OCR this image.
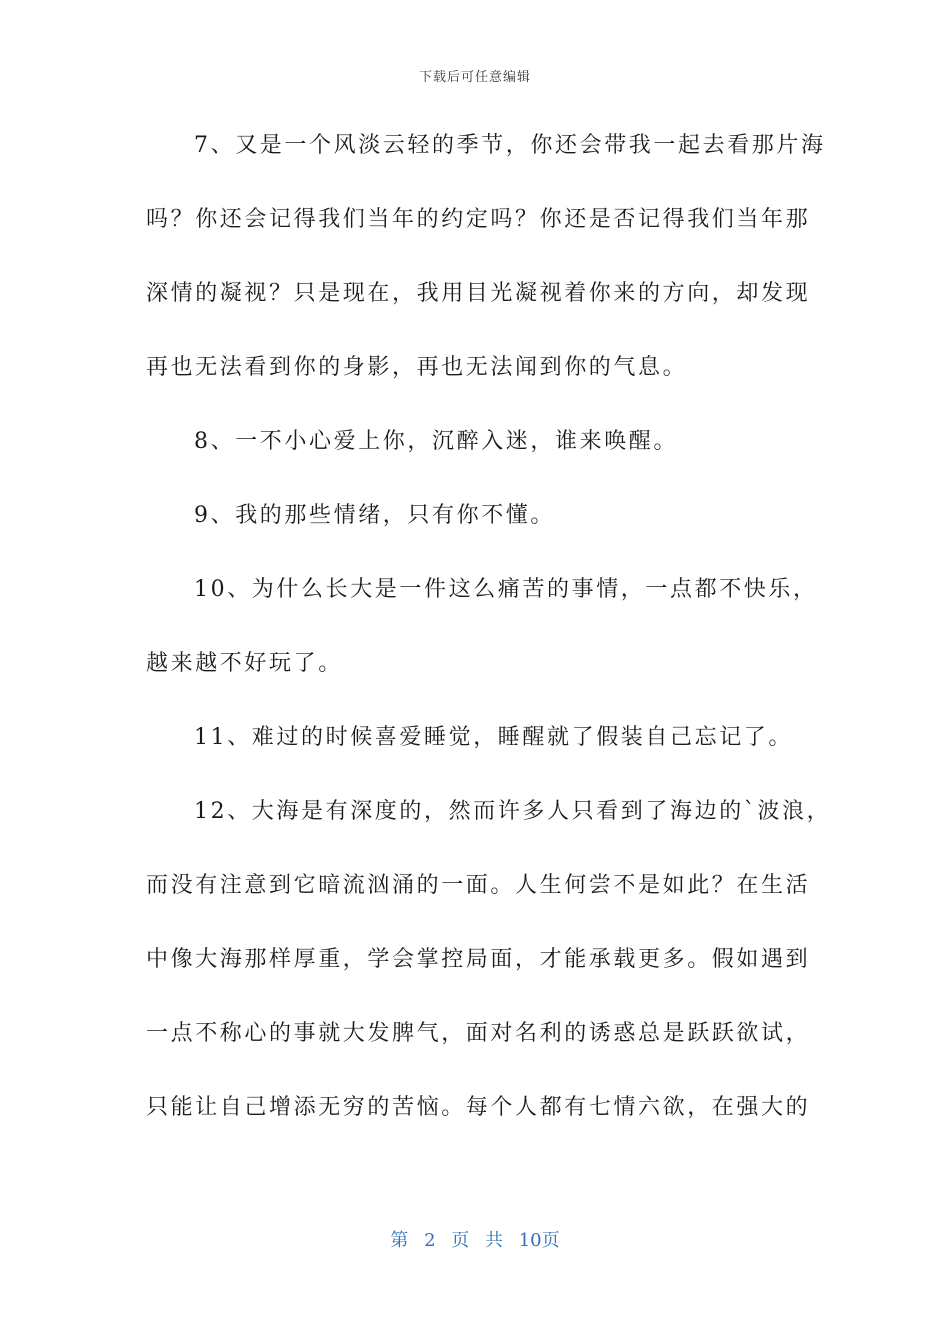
下载后可任意编辑
7、又是一个风淡云轻的季节，你还会带我一起去看那片海
吗？你还会记得我们当年的约定吗？你还是否记得我们当年那
深情的凝视？只是现在，我用目光凝视着你来的方向，却发现
再也无法看到你的身影，再也无法闻到你的气息。
8、一不小心爱上你，沉醉入迷，谁来唤醒。
9、我的那些情绪，只有你不懂。
10、为什么长大是一件这么痛苦的事情，一点都不快乐，
越来越不好玩了。
11、难过的时候喜爱睡觉，睡醒就了假装自己忘记了。
12、大海是有深度的，然而许多人只看到了海边的`波浪，
而没有注意到它暗流汹涌的一面。人生何尝不是如此？在生活
中像大海那样厚重，学会掌控局面，才能承载更多。假如遇到
一点不称心的事就大发脾气，面对名利的诱惑总是跃跃欲试，
只能让自己增添无穷的苦恼。每个人都有七情六欲，在强大的
第 2 页 共 10页
